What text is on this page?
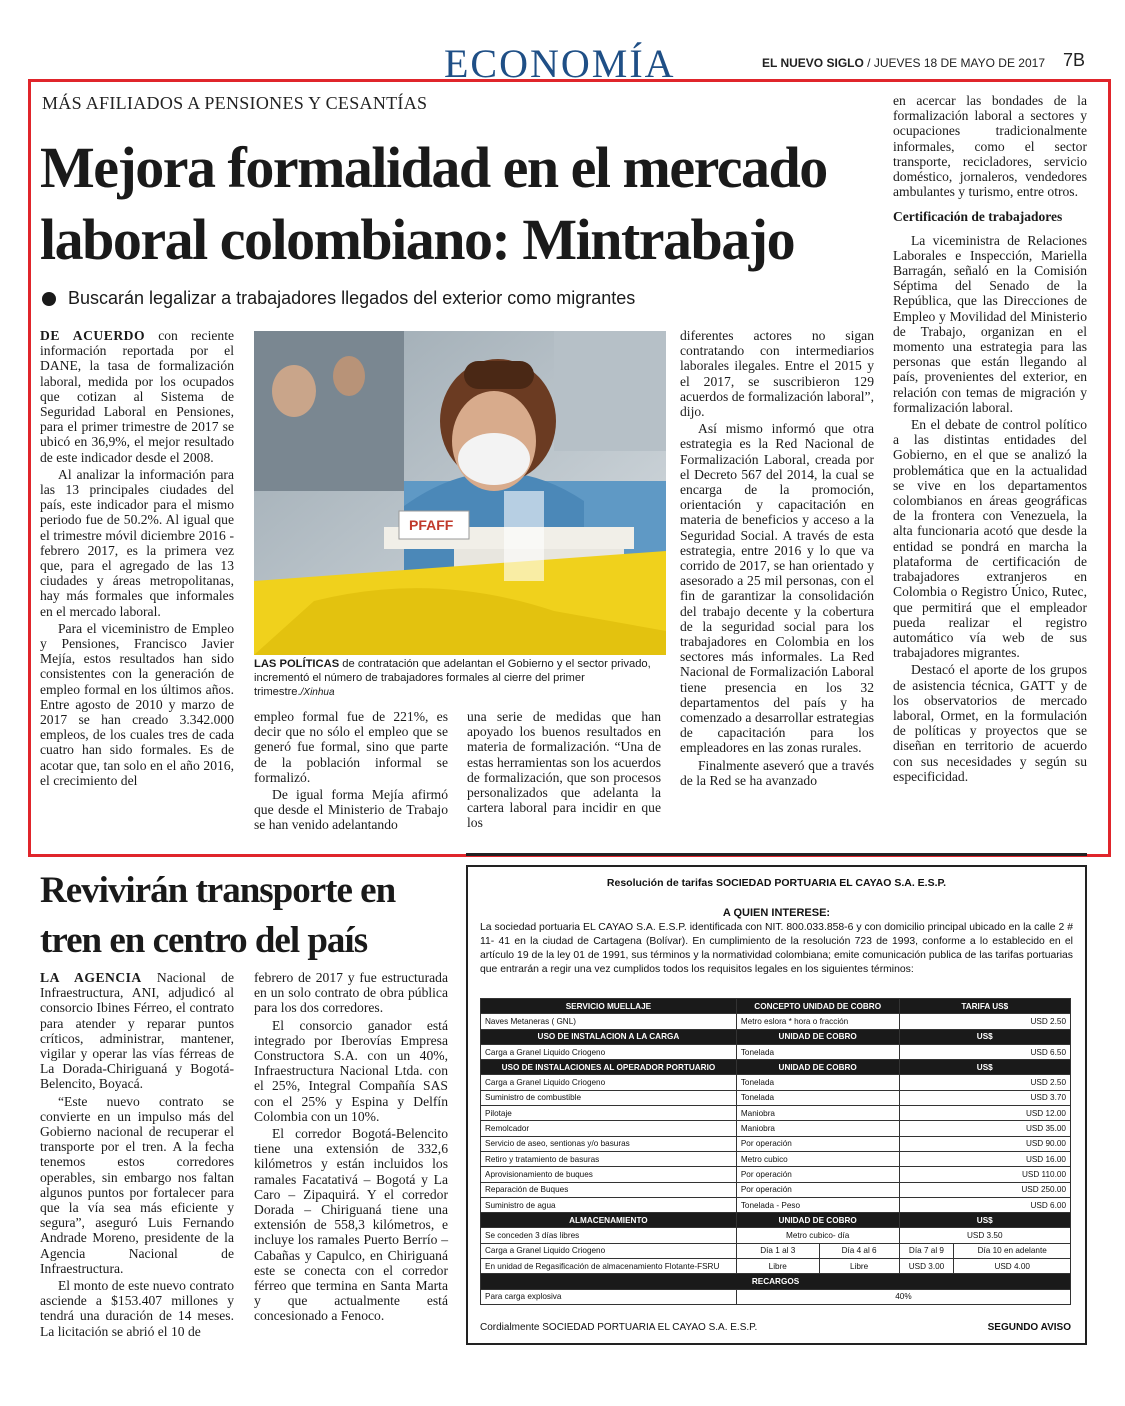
ECONOMÍA	EL NUEVO SIGLO / JUEVES 18 DE MAYO DE 2017 7B
MÁS AFILIADOS A PENSIONES Y CESANTÍAS
Mejora formalidad en el mercado laboral colombiano: Mintrabajo
Buscarán legalizar a trabajadores llegados del exterior como migrantes

DE ACUERDO con reciente información reportada por el DANE, la tasa de formalización laboral, medida por los ocupados que cotizan al Sistema de Seguridad Laboral en Pensiones, para el primer trimestre de 2017 se ubicó en 36,9%, el mejor resultado de este indicador desde el 2008.

Al analizar la información para las 13 principales ciudades del país, este indicador para el mismo periodo fue de 50.2%. Al igual que el trimestre móvil diciembre 2016 - febrero 2017, es la primera vez que, para el agregado de las 13 ciudades y áreas metropolitanas, hay más formales que informales en el mercado laboral.

Para el viceministro de Empleo y Pensiones, Francisco Javier Mejía, estos resultados han sido consistentes con la generación de empleo formal en los últimos años. Entre agosto de 2010 y marzo de 2017 se han creado 3.342.000 empleos, de los cuales tres de cada cuatro han sido formales. Es de acotar que, tan solo en el año 2016, el crecimiento del

PFAFF
LAS POLÍTICAS de contratación que adelantan el Gobierno y el sector privado, incrementó el número de trabajadores formales al cierre del primer trimestre./Xinhua

empleo formal fue de 221%, es decir que no sólo el empleo que se generó fue formal, sino que parte de la población informal se formalizó.

De igual forma Mejía afirmó que desde el Ministerio de Trabajo se han venido adelantando

una serie de medidas que han apoyado los buenos resultados en materia de formalización. “Una de estas herramientas son los acuerdos de formalización, que son procesos personalizados que adelanta la cartera laboral para incidir en que los

diferentes actores no sigan contratando con intermediarios laborales ilegales. Entre el 2015 y el 2017, se suscribieron 129 acuerdos de formalización laboral”, dijo.

Así mismo informó que otra estrategia es la Red Nacional de Formalización Laboral, creada por el Decreto 567 del 2014, la cual se encarga de la promoción, orientación y capacitación en materia de beneficios y acceso a la Seguridad Social. A través de esta estrategia, entre 2016 y lo que va corrido de 2017, se han orientado y asesorado a 25 mil personas, con el fin de garantizar la consolidación del trabajo decente y la cobertura de la seguridad social para los trabajadores en Colombia en los sectores más informales. La Red Nacional de Formalización Laboral tiene presencia en los 32 departamentos del país y ha comenzado a desarrollar estrategias de capacitación para los empleadores en las zonas rurales.

Finalmente aseveró que a través de la Red se ha avanzado

en acercar las bondades de la formalización laboral a sectores y ocupaciones tradicionalmente informales, como el sector transporte, recicladores, servicio doméstico, jornaleros, vendedores ambulantes y turismo, entre otros.

Certificación de trabajadores

La viceministra de Relaciones Laborales e Inspección, Mariella Barragán, señaló en la Comisión Séptima del Senado de la República, que las Direcciones de Empleo y Movilidad del Ministerio de Trabajo, organizan en el momento una estrategia para las personas que están llegando al país, provenientes del exterior, en relación con temas de migración y formalización laboral.

En el debate de control político a las distintas entidades del Gobierno, en el que se analizó la problemática que en la actualidad se vive en los departamentos colombianos en áreas geográficas de la frontera con Venezuela, la alta funcionaria acotó que desde la entidad se pondrá en marcha la plataforma de certificación de trabajadores extranjeros en Colombia o Registro Único, Rutec, que permitirá que el empleador pueda realizar el registro automático vía web de sus trabajadores migrantes.

Destacó el aporte de los grupos de asistencia técnica, GATT y de los observatorios de mercado laboral, Ormet, en la formulación de políticas y proyectos que se diseñan en territorio de acuerdo con sus necesidades y según su especificidad.

Revivirán transporte en tren en centro del país

LA AGENCIA Nacional de Infraestructura, ANI, adjudicó al consorcio Ibines Férreo, el contrato para atender y reparar puntos críticos, administrar, mantener, vigilar y operar las vías férreas de La Dorada-Chiriguaná y Bogotá-Belencito, Boyacá.

“Este nuevo contrato se convierte en un impulso más del Gobierno nacional de recuperar el transporte por el tren. A la fecha tenemos estos corredores operables, sin embargo nos faltan algunos puntos por fortalecer para que la vía sea más eficiente y segura”, aseguró Luis Fernando Andrade Moreno, presidente de la Agencia Nacional de Infraestructura.

El monto de este nuevo contrato asciende a $153.407 millones y tendrá una duración de 14 meses. La licitación se abrió el 10 de

febrero de 2017 y fue estructurada en un solo contrato de obra pública para los dos corredores.

El consorcio ganador está integrado por Iberovías Empresa Constructora S.A. con un 40%, Infraestructura Nacional Ltda. con el 25%, Integral Compañía SAS con el 25% y Espina y Delfín Colombia con un 10%.

El corredor Bogotá-Belencito tiene una extensión de 332,6 kilómetros y están incluidos los ramales Facatativá – Bogotá y La Caro – Zipaquirá. Y el corredor Dorada – Chiriguaná tiene una extensión de 558,3 kilómetros, e incluye los ramales Puerto Berrío – Cabañas y Capulco, en Chiriguaná este se conecta con el corredor férreo que termina en Santa Marta y que actualmente está concesionado a Fenoco.

Resolución de tarifas SOCIEDAD PORTUARIA EL CAYAO S.A. E.S.P.
A QUIEN INTERESE:
La sociedad portuaria EL CAYAO S.A. E.S.P. identificada con NIT. 800.033.858-6 y con domicilio principal ubicado en la calle 2 # 11- 41 en la ciudad de Cartagena (Bolívar). En cumplimiento de la resolución 723 de 1993, conforme a lo establecido en el artículo 19 de la ley 01 de 1991, sus términos y la normatividad colombiana; emite comunicación publica de las tarifas portuarias que entrarán a regir una vez cumplidos todos los requisitos legales en los siguientes términos:
SERVICIO MUELLAJE	CONCEPTO UNIDAD DE COBRO		TARIFA US$	
Naves Metaneras ( GNL)	Metro eslora * hora o fracción		USD 2.50	
USO DE INSTALACION A LA CARGA	UNIDAD DE COBRO		US$	
Carga a Granel Liquido Criogeno	Tonelada		USD 6.50	
USO DE INSTALACIONES AL OPERADOR PORTUARIO	UNIDAD DE COBRO		US$	
Carga a Granel Liquido Criogeno	Tonelada		USD 2.50	
Suministro de combustible	Tonelada		USD 3.70	
Pilotaje	Maniobra		USD 12.00	
Remolcador	Maniobra		USD 35.00	
Servicio de aseo, sentionas y/o basuras	Por operación		USD 90.00	
Retiro y tratamiento de basuras	Metro cubico		USD 16.00	
Aprovisionamiento de buques	Por operación		USD 110.00	
Reparación de Buques	Por operación		USD 250.00	
Suministro de agua	Tonelada - Peso		USD 6.00	
ALMACENAMIENTO	UNIDAD DE COBRO		US$	
Se conceden 3 días libres	Metro cubico- día		USD 3.50	
Carga a Granel Liquido Criogeno	Día 1 al 3	Día 4 al 6	Día 7 al 9	Día 10 en adelante
En unidad de Regasificación de almacenamiento Flotante-FSRU	Libre	Libre	USD 3.00	USD 4.00
RECARGOS				
Para carga explosiva	40%			
Cordialmente SOCIEDAD PORTUARIA EL CAYAO S.A. E.S.P.	SEGUNDO AVISO
